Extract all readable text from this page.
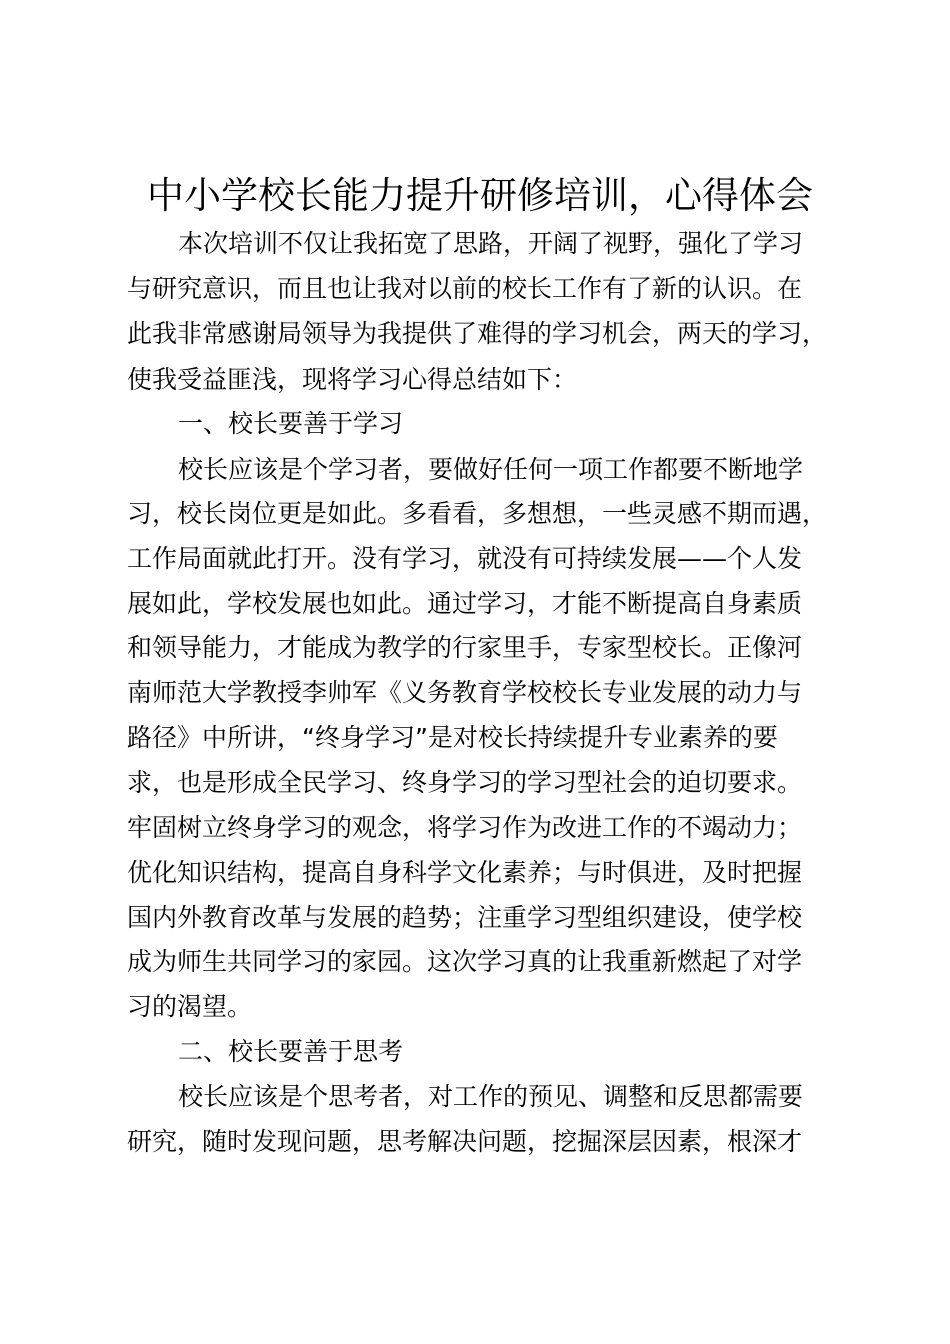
中小学校长能力提升研修培训，心得体会
本次培训不仅让我拓宽了思路，开阔了视野，强化了学习
与研究意识，而且也让我对以前的校长工作有了新的认识。在
此我非常感谢局领导为我提供了难得的学习机会，两天的学习，
使我受益匪浅，现将学习心得总结如下：
一、校长要善于学习
校长应该是个学习者，要做好任何一项工作都要不断地学
习，校长岗位更是如此。多看看，多想想，一些灵感不期而遇，
工作局面就此打开。没有学习，就没有可持续发展——个人发
展如此，学校发展也如此。通过学习，才能不断提高自身素质
和领导能力，才能成为教学的行家里手，专家型校长。正像河
南师范大学教授李帅军《义务教育学校校长专业发展的动力与
路径》中所讲，“终身学习”是对校长持续提升专业素养的要
求，也是形成全民学习、终身学习的学习型社会的迫切要求。
牢固树立终身学习的观念，将学习作为改进工作的不竭动力；
优化知识结构，提高自身科学文化素养；与时俱进，及时把握
国内外教育改革与发展的趋势；注重学习型组织建设，使学校
成为师生共同学习的家园。这次学习真的让我重新燃起了对学
习的渴望。
二、校长要善于思考
校长应该是个思考者，对工作的预见、调整和反思都需要
研究，随时发现问题，思考解决问题，挖掘深层因素，根深才
